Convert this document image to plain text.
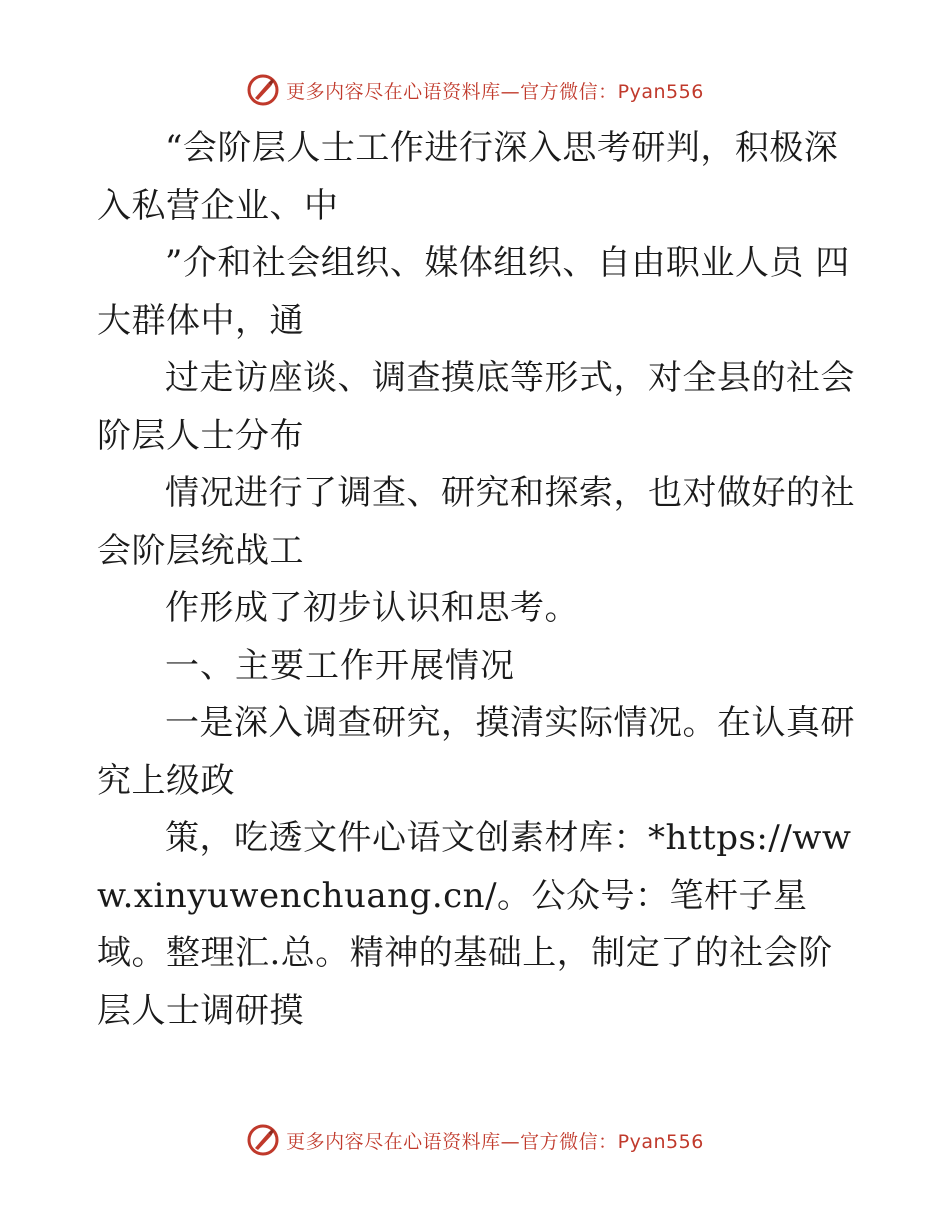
更多内容尽在心语资料库—官方微信：Pyan556

“会阶层人士工作进行深入思考研判，积极深入私营企业、中

”介和社会组织、媒体组织、自由职业人员 四大群体中，通

过走访座谈、调查摸底等形式，对全县的社会阶层人士分布

情况进行了调查、研究和探索，也对做好的社会阶层统战工

作形成了初步认识和思考。

一、主要工作开展情况

一是深入调查研究，摸清实际情况。在认真研究上级政

策，吃透文件心语文创素材库：*https://www.xinyuwenchuang.cn/。公众号：笔杆子星域。整理汇.总。精神的基础上，制定了的社会阶层人士调研摸

更多内容尽在心语资料库—官方微信：Pyan556
